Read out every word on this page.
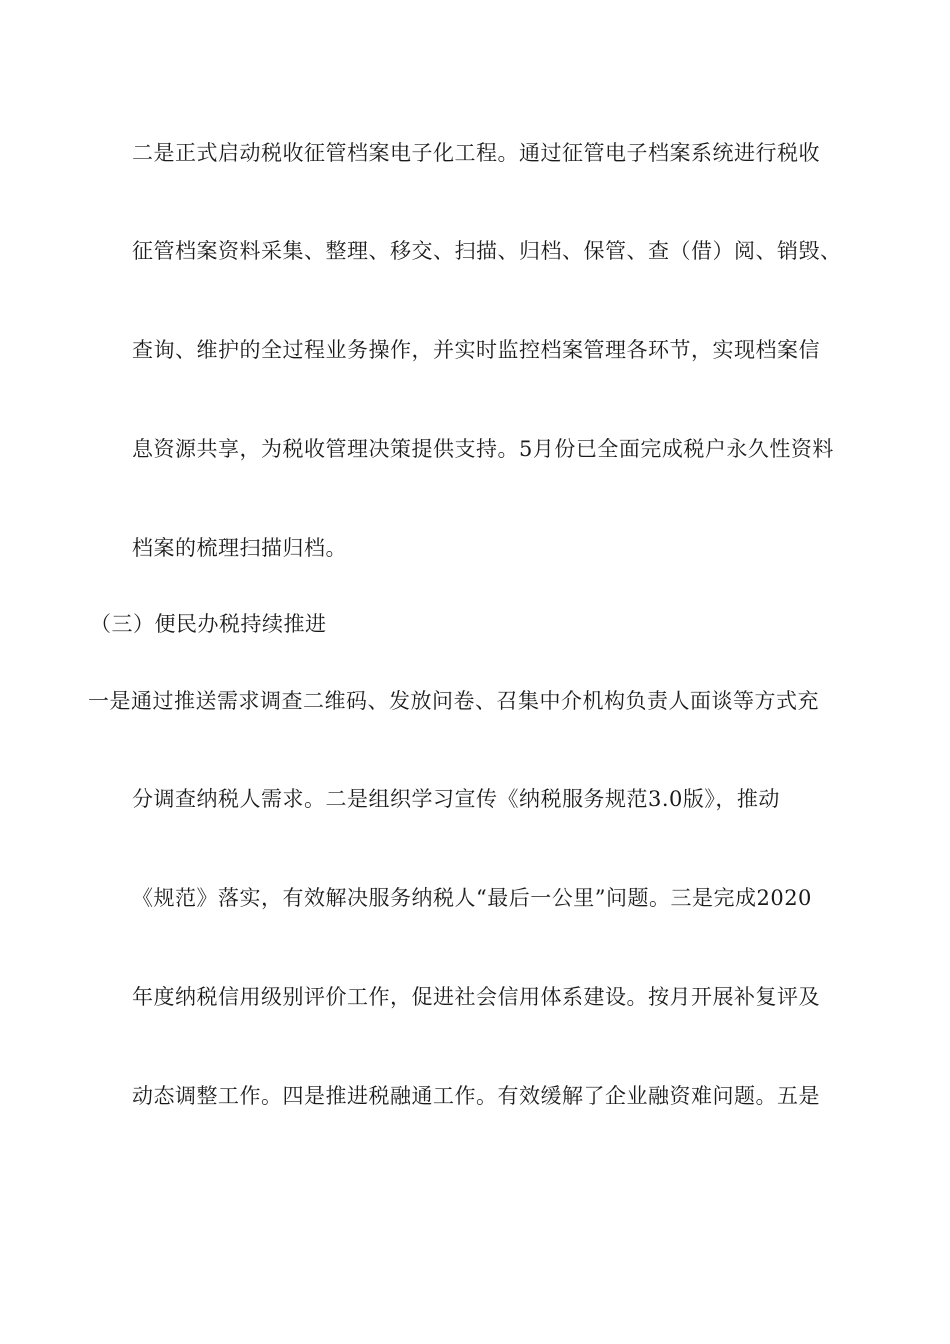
二是正式启动税收征管档案电子化工程。通过征管电子档案系统进行税收
征管档案资料采集、整理、移交、扫描、归档、保管、查（借）阅、销毁、
查询、维护的全过程业务操作，并实时监控档案管理各环节，实现档案信
息资源共享，为税收管理决策提供支持。5月份已全面完成税户永久性资料
档案的梳理扫描归档。
（三）便民办税持续推进
一是通过推送需求调查二维码、发放问卷、召集中介机构负责人面谈等方式充
分调查纳税人需求。二是组织学习宣传《纳税服务规范3.0版》，推动
《规范》落实，有效解决服务纳税人“最后一公里”问题。三是完成2020
年度纳税信用级别评价工作，促进社会信用体系建设。按月开展补复评及
动态调整工作。四是推进税融通工作。有效缓解了企业融资难问题。五是
